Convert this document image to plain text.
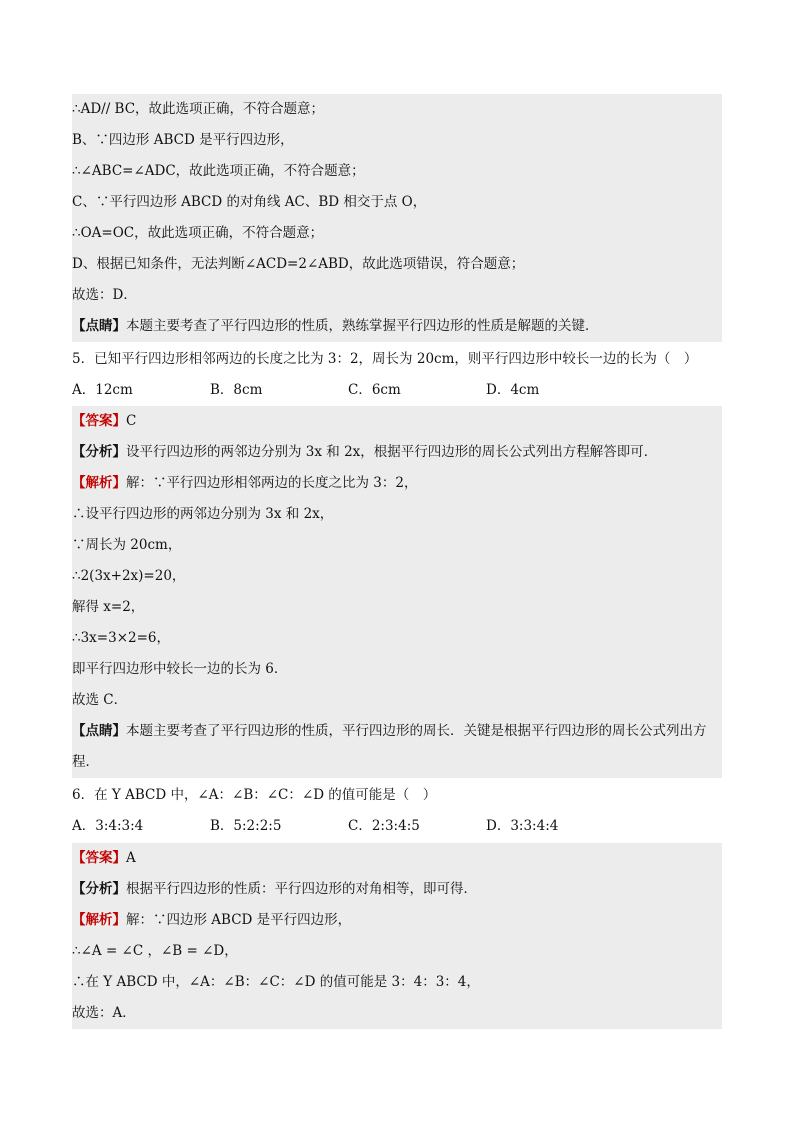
∴AD// BC，故此选项正确，不符合题意；
B、∵四边形 ABCD 是平行四边形，
∴∠ABC=∠ADC，故此选项正确，不符合题意；
C、∵平行四边形 ABCD 的对角线 AC、BD 相交于点 O，
∴OA=OC，故此选项正确，不符合题意；
D、根据已知条件，无法判断∠ACD=2∠ABD，故此选项错误，符合题意；
故选：D．
【点睛】本题主要考查了平行四边形的性质，熟练掌握平行四边形的性质是解题的关键．
5．已知平行四边形相邻两边的长度之比为 3：2，周长为 20cm，则平行四边形中较长一边的长为（　）
A．12cm	B．8cm	C．6cm	D．4cm
【答案】C
【分析】设平行四边形的两邻边分别为 3x 和 2x，根据平行四边形的周长公式列出方程解答即可．
【解析】解：∵平行四边形相邻两边的长度之比为 3：2，
∴设平行四边形的两邻边分别为 3x 和 2x，
∵周长为 20cm，
∴2(3x+2x)=20，
解得 x=2，
∴3x=3×2=6，
即平行四边形中较长一边的长为 6．
故选 C．
【点睛】本题主要考查了平行四边形的性质，平行四边形的周长．关键是根据平行四边形的周长公式列出方程．
6．在 Y ABCD 中，∠A：∠B：∠C：∠D 的值可能是（　）
A．3:4:3:4	B．5:2:2:5	C．2:3:4:5	D．3:3:4:4
【答案】A
【分析】根据平行四边形的性质：平行四边形的对角相等，即可得．
【解析】解：∵四边形 ABCD 是平行四边形，
∴∠A = ∠C ，∠B = ∠D，
∴在 Y ABCD 中，∠A：∠B：∠C：∠D 的值可能是 3：4：3：4，
故选：A．
